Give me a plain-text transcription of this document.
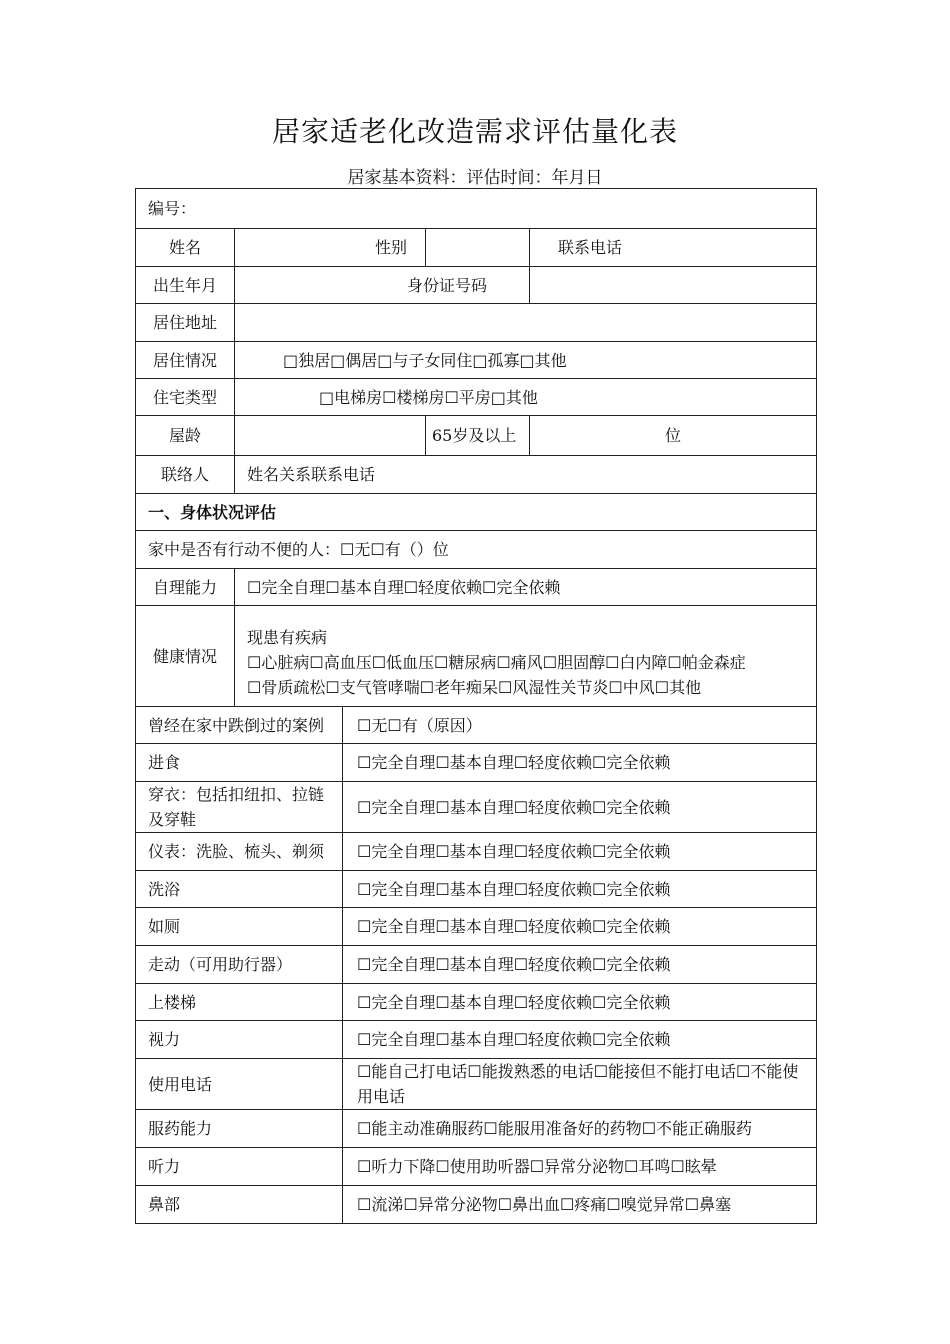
居家适老化改造需求评估量化表
居家基本资料：评估时间：年月日
编号：			
姓名	性别		联系电话
出生年月	身份证号码		
居住地址			
居住情况	□独居□偶居□与子女同住□孤寡□其他		
住宅类型	□电梯房☐楼梯房☐平房□其他		
屋龄		65岁及以上	位
联络人	姓名关系联系电话		
一、身体状况评估			
家中是否有行动不便的人：☐无☐有（）位			
自理能力	☐完全自理☐基本自理☐轻度依赖☐完全依赖		
健康情况	现患有疾病
☐心脏病☐高血压☐低血压☐糖尿病☐痛风☐胆固醇☐白内障☐帕金森症
☐骨质疏松☐支气管哮喘☐老年痴呆☐风湿性关节炎☐中风☐其他		
曾经在家中跌倒过的案例	☐无☐有（原因）
进食	☐完全自理☐基本自理☐轻度依赖☐完全依赖
穿衣：包括扣纽扣、拉链及穿鞋	☐完全自理☐基本自理☐轻度依赖☐完全依赖
仪表：洗脸、梳头、剃须	☐完全自理☐基本自理☐轻度依赖☐完全依赖
洗浴	☐完全自理☐基本自理☐轻度依赖☐完全依赖
如厕	☐完全自理☐基本自理☐轻度依赖☐完全依赖
走动（可用助行器）	☐完全自理☐基本自理☐轻度依赖☐完全依赖
上楼梯	☐完全自理☐基本自理☐轻度依赖☐完全依赖
视力	☐完全自理☐基本自理☐轻度依赖☐完全依赖
使用电话	☐能自己打电话☐能拨熟悉的电话☐能接但不能打电话☐不能使用电话
服药能力	☐能主动准确服药☐能服用准备好的药物☐不能正确服药
听力	☐听力下降☐使用助听器☐异常分泌物☐耳鸣☐眩晕
鼻部	☐流涕☐异常分泌物☐鼻出血☐疼痛☐嗅觉异常☐鼻塞
